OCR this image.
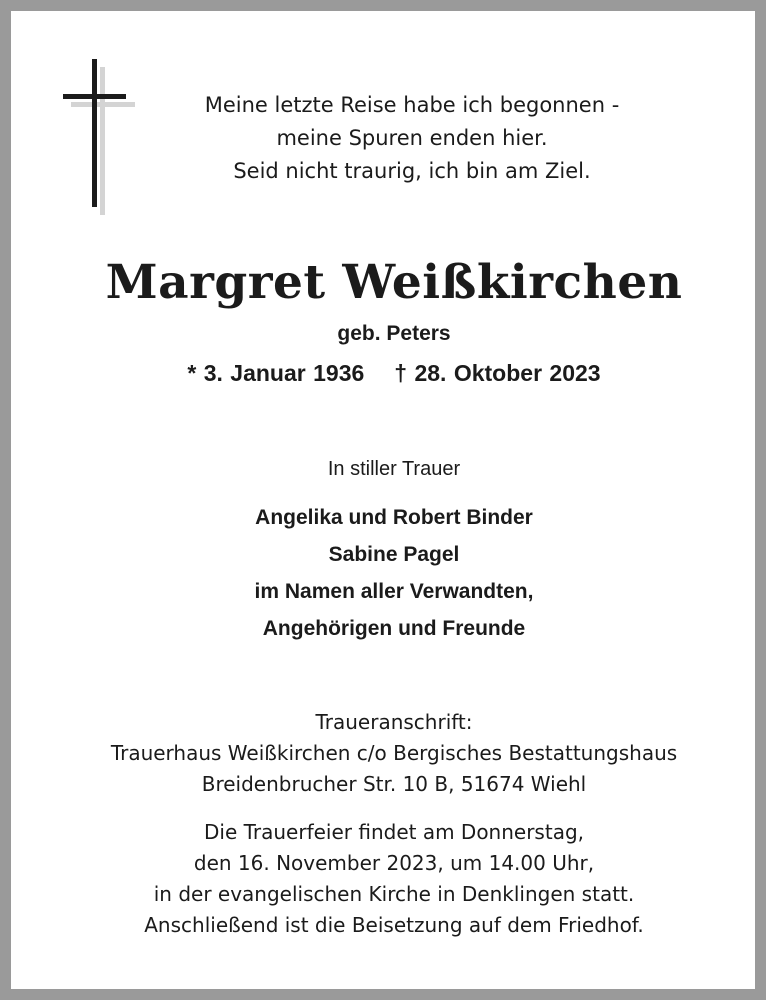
Meine letzte Reise habe ich begonnen -
meine Spuren enden hier.
Seid nicht traurig, ich bin am Ziel.
Margret Weißkirchen
geb. Peters
* 3. Januar 1936 † 28. Oktober 2023
In stiller Trauer
Angelika und Robert Binder
Sabine Pagel
im Namen aller Verwandten,
Angehörigen und Freunde
Traueranschrift:
Trauerhaus Weißkirchen c/o Bergisches Bestattungshaus
Breidenbrucher Str. 10 B, 51674 Wiehl
Die Trauerfeier findet am Donnerstag,
den 16. November 2023, um 14.00 Uhr,
in der evangelischen Kirche in Denklingen statt.
Anschließend ist die Beisetzung auf dem Friedhof.
